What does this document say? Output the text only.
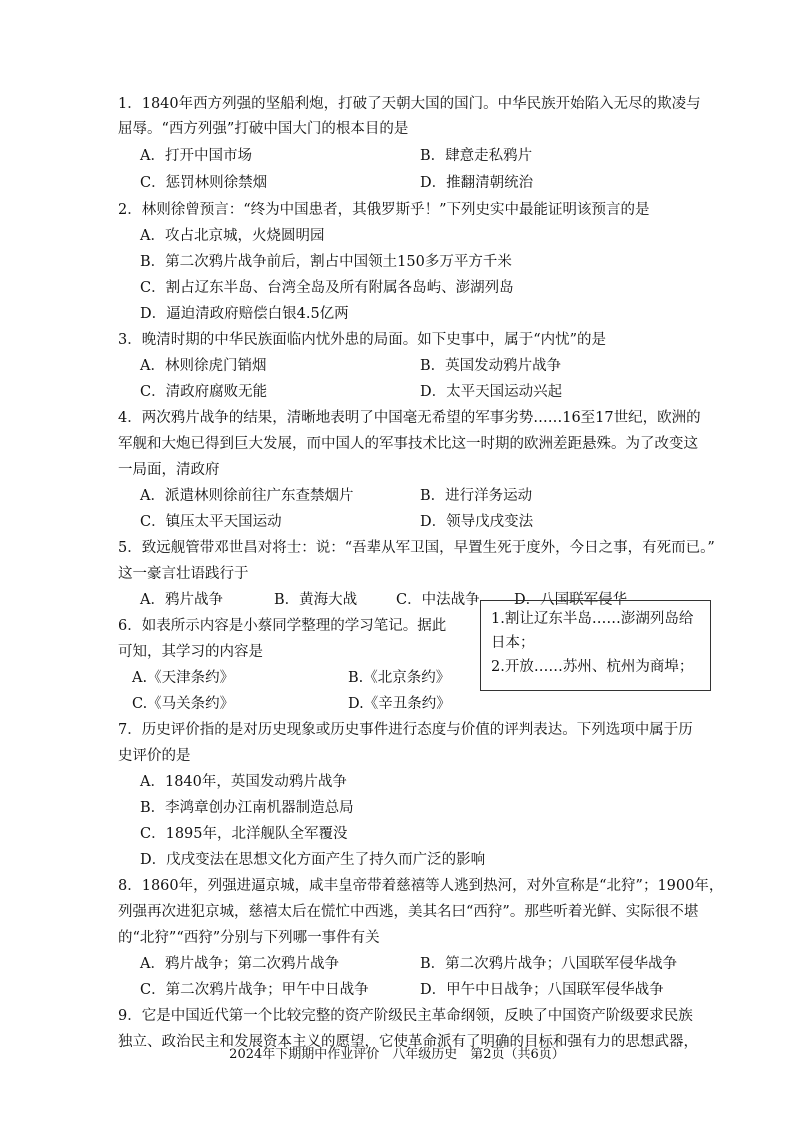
1．1840年西方列强的坚船利炮，打破了天朝大国的国门。中华民族开始陷入无尽的欺凌与
屈辱。“西方列强”打破中国大门的根本目的是
A．打开中国市场	B．肆意走私鸦片
C．惩罚林则徐禁烟	D．推翻清朝统治
2．林则徐曾预言：“终为中国患者，其俄罗斯乎！”下列史实中最能证明该预言的是
A．攻占北京城，火烧圆明园
B．第二次鸦片战争前后，割占中国领土150多万平方千米
C．割占辽东半岛、台湾全岛及所有附属各岛屿、澎湖列岛
D．逼迫清政府赔偿白银4.5亿两
3．晚清时期的中华民族面临内忧外患的局面。如下史事中，属于“内忧”的是
A．林则徐虎门销烟	B．英国发动鸦片战争
C．清政府腐败无能	D．太平天国运动兴起
4．两次鸦片战争的结果，清晰地表明了中国毫无希望的军事劣势……16至17世纪，欧洲的
军舰和大炮已得到巨大发展，而中国人的军事技术比这一时期的欧洲差距悬殊。为了改变这
一局面，清政府
A．派遣林则徐前往广东查禁烟片	B．进行洋务运动
C．镇压太平天国运动	D．领导戊戌变法
5．致远舰管带邓世昌对将士：说：“吾辈从军卫国，早置生死于度外，今日之事，有死而已。”
这一豪言壮语践行于
A．鸦片战争	B．黄海大战	C．中法战争 D．八国联军侵华
6．如表所示内容是小蔡同学整理的学习笔记。据此
可知，其学习的内容是
A.《天津条约》	B.《北京条约》
C.《马关条约》	D.《辛丑条约》
7．历史评价指的是对历史现象或历史事件进行态度与价值的评判表达。下列选项中属于历
史评价的是
A．1840年，英国发动鸦片战争
B．李鸿章创办江南机器制造总局
C．1895年，北洋舰队全军覆没
D．戊戌变法在思想文化方面产生了持久而广泛的影响
8．1860年，列强进逼京城，咸丰皇帝带着慈禧等人逃到热河，对外宣称是“北狩”；1900年，
列强再次进犯京城，慈禧太后在慌忙中西逃，美其名曰“西狩”。那些听着光鲜、实际很不堪
的“北狩”“西狩”分别与下列哪一事件有关
A．鸦片战争；第二次鸦片战争	B．第二次鸦片战争；八国联军侵华战争
C．第二次鸦片战争；甲午中日战争	D．甲午中日战争；八国联军侵华战争
9．它是中国近代第一个比较完整的资产阶级民主革命纲领，反映了中国资产阶级要求民族
独立、政治民主和发展资本主义的愿望，它使革命派有了明确的目标和强有力的思想武器，
1.割让辽东半岛……澎湖列岛给
日本；
2.开放……苏州、杭州为商埠；
2024年下期期中作业评价　八年级历史　第2页（共6页）
